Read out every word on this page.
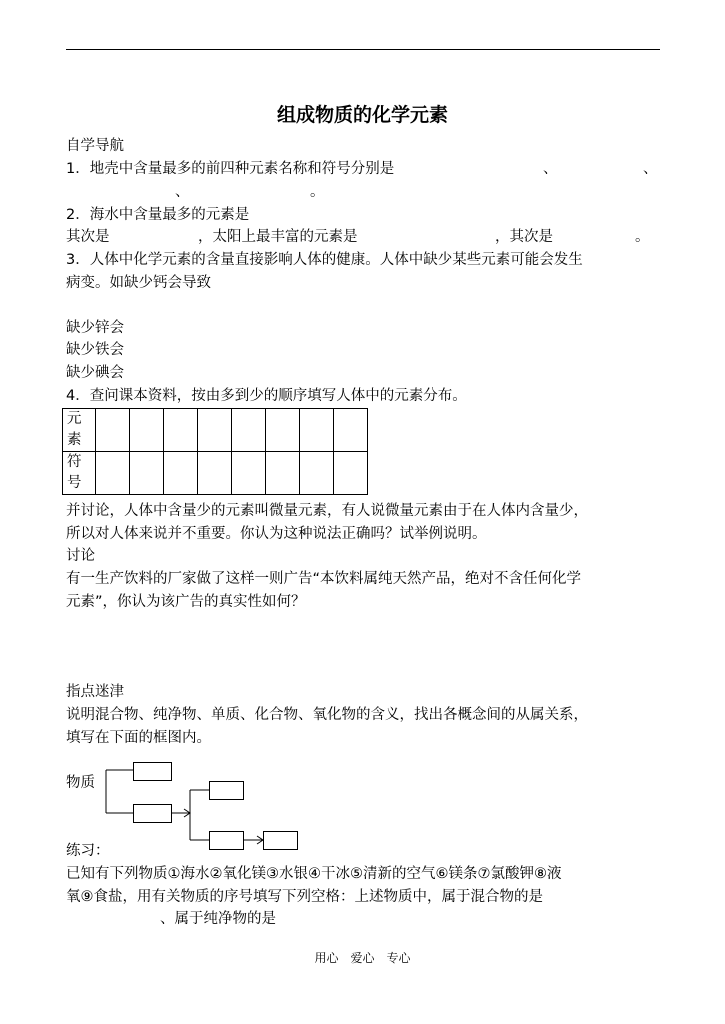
组成物质的化学元素
自学导航
1．地壳中含量最多的前四种元素名称和符号分别是	、	、
、	。
2．海水中含量最多的元素是
其次是	，太阳上最丰富的元素是	，其次是	。
3．人体中化学元素的含量直接影响人体的健康。人体中缺少某些元素可能会发生
病变。如缺少钙会导致
缺少锌会
缺少铁会
缺少碘会
4．查问课本资料，按由多到少的顺序填写人体中的元素分布。
元素								
符号								
并讨论，人体中含量少的元素叫微量元素，有人说微量元素由于在人体内含量少，
所以对人体来说并不重要。你认为这种说法正确吗？试举例说明。
讨论
有一生产饮料的厂家做了这样一则广告“本饮料属纯天然产品，绝对不含任何化学
元素”，你认为该广告的真实性如何？
指点迷津
说明混合物、纯净物、单质、化合物、氧化物的含义，找出各概念间的从属关系，
填写在下面的框图内。
物质
练习：
已知有下列物质①海水②氧化镁③水银④干冰⑤清新的空气⑥镁条⑦氯酸钾⑧液
氧⑨食盐，用有关物质的序号填写下列空格：上述物质中，属于混合物的是
、属于纯净物的是
用心　爱心　专心
